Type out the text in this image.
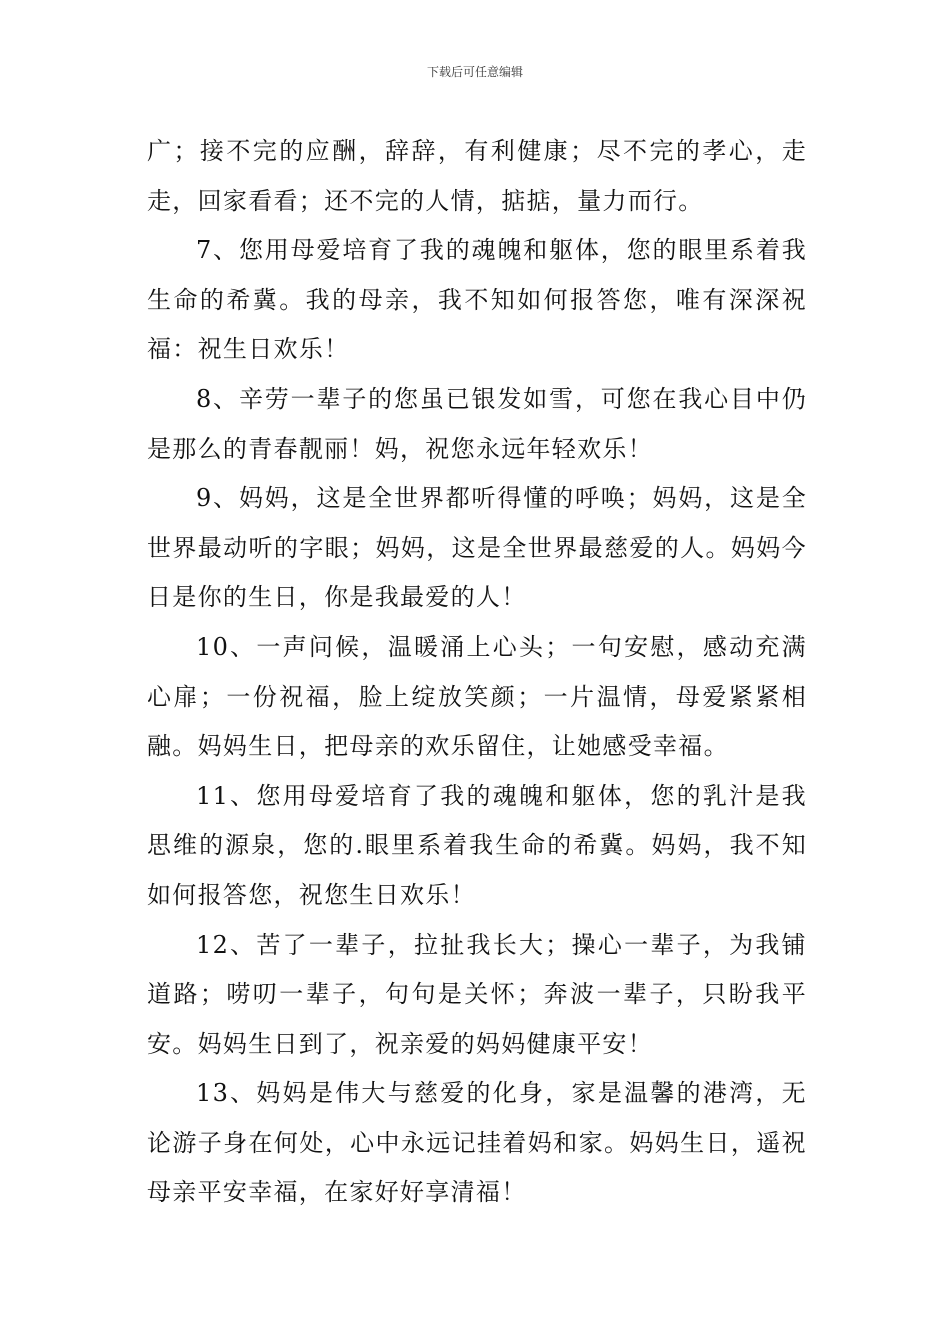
下载后可任意编辑

广；接不完的应酬，辞辞，有利健康；尽不完的孝心，走走，回家看看；还不完的人情，掂掂，量力而行。

7、您用母爱培育了我的魂魄和躯体，您的眼里系着我生命的希冀。我的母亲，我不知如何报答您，唯有深深祝福：祝生日欢乐！

8、辛劳一辈子的您虽已银发如雪，可您在我心目中仍是那么的青春靓丽！妈，祝您永远年轻欢乐！

9、妈妈，这是全世界都听得懂的呼唤；妈妈，这是全世界最动听的字眼；妈妈，这是全世界最慈爱的人。妈妈今日是你的生日，你是我最爱的人！

10、一声问候，温暖涌上心头；一句安慰，感动充满心扉；一份祝福，脸上绽放笑颜；一片温情，母爱紧紧相融。妈妈生日，把母亲的欢乐留住，让她感受幸福。

11、您用母爱培育了我的魂魄和躯体，您的乳汁是我思维的源泉，您的.眼里系着我生命的希冀。妈妈，我不知如何报答您，祝您生日欢乐！

12、苦了一辈子，拉扯我长大；操心一辈子，为我铺道路；唠叨一辈子，句句是关怀；奔波一辈子，只盼我平安。妈妈生日到了，祝亲爱的妈妈健康平安！

13、妈妈是伟大与慈爱的化身，家是温馨的港湾，无论游子身在何处，心中永远记挂着妈和家。妈妈生日，遥祝母亲平安幸福，在家好好享清福！
